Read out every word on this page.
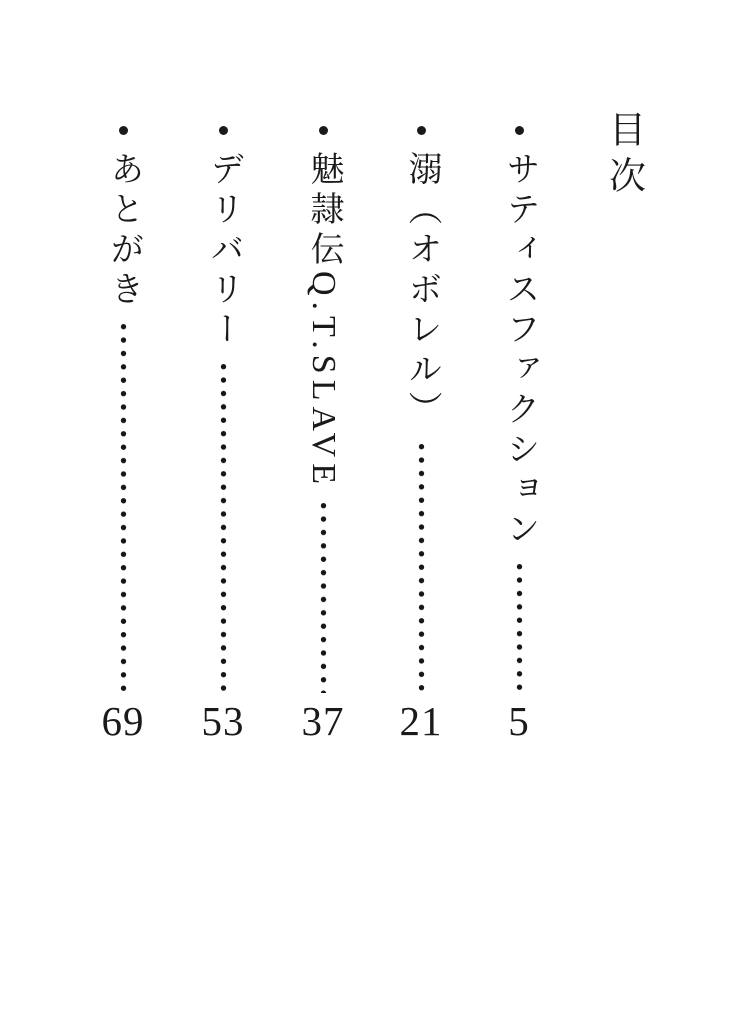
目次
サティスファクション
5
溺（オボレル）
21
魅隷伝Q.T.SLAVE
37
デリバリー
53
あとがき
69
